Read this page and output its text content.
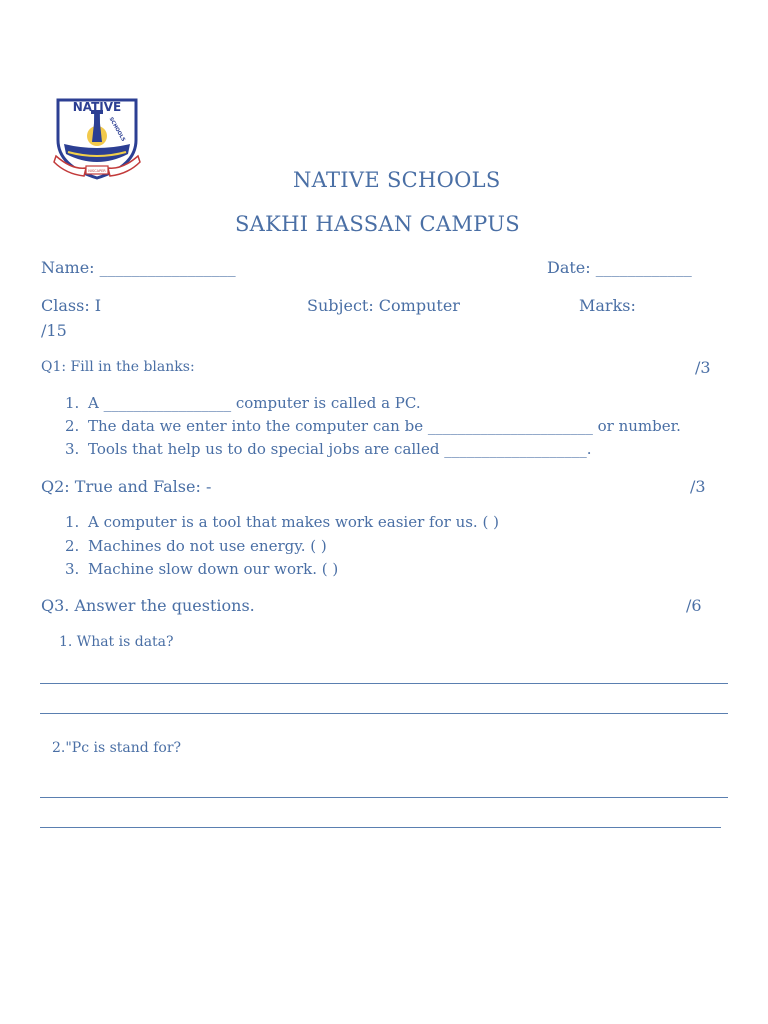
NATIVE
SCHOOLS
NISCAPER	NATIVE SCHOOLS
SAKHI HASSAN CAMPUS
Name: _________________	Date: ____________
Class: I	Subject: Computer	Marks:
/15
Q1: Fill in the blanks:	/3
1. A _________________ computer is called a PC.
2. The data we enter into the computer can be ______________________ or number.
3. Tools that help us to do special jobs are called ___________________.
Q2: True and False: -	/3
1. A computer is a tool that makes work easier for us. ( )
2. Machines do not use energy. ( )
3. Machine slow down our work. ( )
Q3. Answer the questions.	/6
1. What is data?
2."Pc is stand for?
